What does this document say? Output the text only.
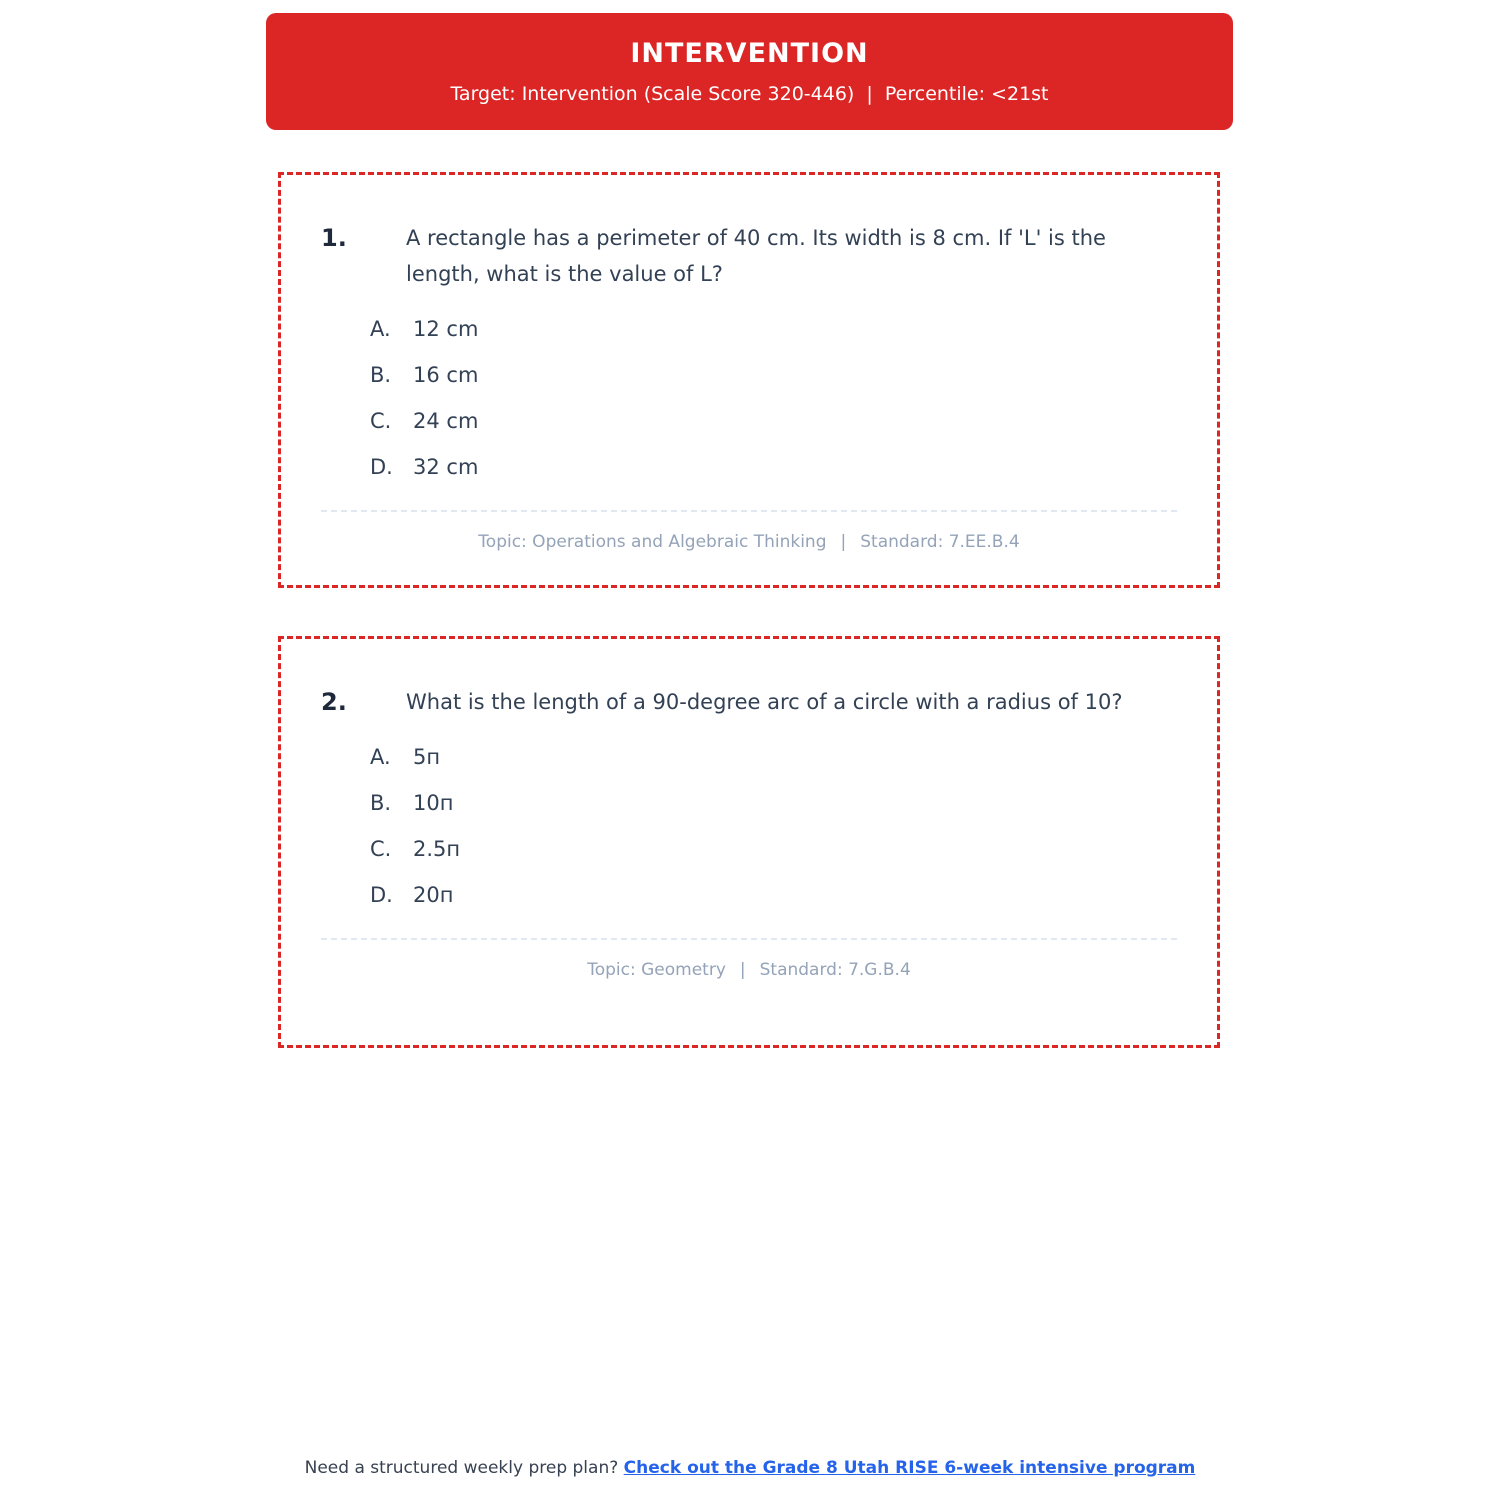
INTERVENTION
Target: Intervention (Scale Score 320-446)  |  Percentile: <21st
1.	A rectangle has a perimeter of 40 cm. Its width is 8 cm. If 'L' is the length, what is the value of L?
A.	12 cm
B.	16 cm
C.	24 cm
D. 32 cm
Topic: Operations and Algebraic Thinking | Standard: 7.EE.B.4
2.	What is the length of a 90-degree arc of a circle with a radius of 10?
A.	5п
B.	10п
C.	2.5п
D. 20п
Topic: Geometry | Standard: 7.G.B.4
Need a structured weekly prep plan? Check out the Grade 8 Utah RISE 6-week intensive program
